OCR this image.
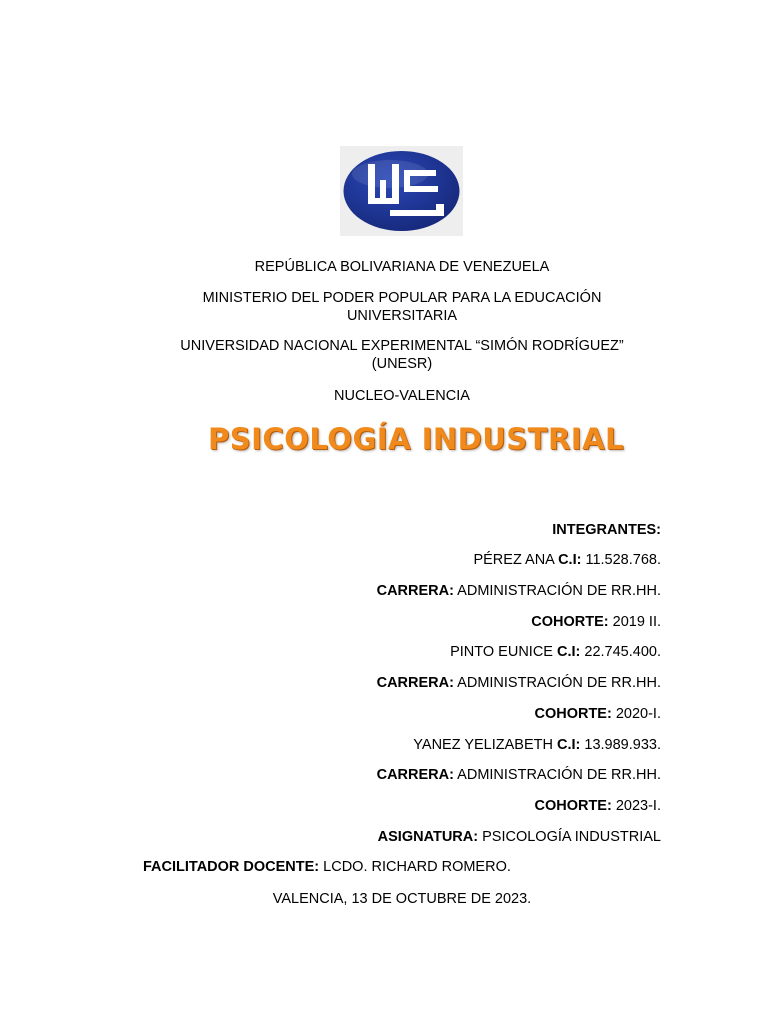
REPÚBLICA BOLIVARIANA DE VENEZUELA
MINISTERIO DEL PODER POPULAR PARA LA EDUCACIÓN
UNIVERSITARIA
UNIVERSIDAD NACIONAL EXPERIMENTAL “SIMÓN RODRÍGUEZ”
(UNESR)
NUCLEO-VALENCIA
PSICOLOGÍA INDUSTRIAL
INTEGRANTES:
PÉREZ ANA C.I: 11.528.768.
CARRERA: ADMINISTRACIÓN DE RR.HH.
COHORTE: 2019 II.
PINTO EUNICE C.I: 22.745.400.
CARRERA: ADMINISTRACIÓN DE RR.HH.
COHORTE: 2020-I.
YANEZ YELIZABETH C.I: 13.989.933.
CARRERA: ADMINISTRACIÓN DE RR.HH.
COHORTE: 2023-I.
ASIGNATURA: PSICOLOGÍA INDUSTRIAL
FACILITADOR DOCENTE: LCDO. RICHARD ROMERO.
VALENCIA, 13 DE OCTUBRE DE 2023.
